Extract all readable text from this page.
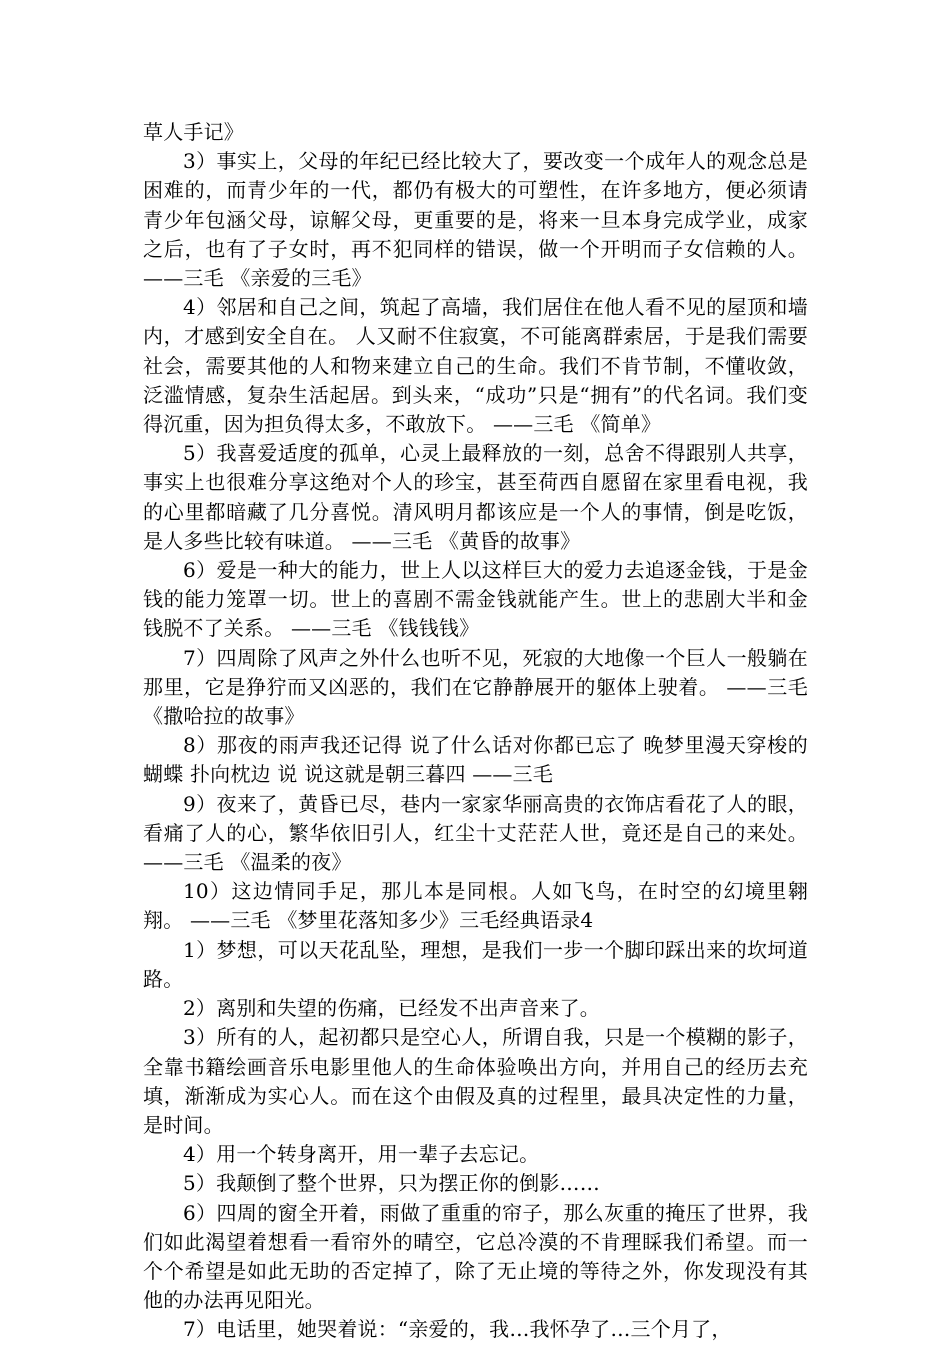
草人手记》

3）事实上，父母的年纪已经比较大了，要改变一个成年人的观念总是困难的，而青少年的一代，都仍有极大的可塑性，在许多地方，便必须请青少年包涵父母，谅解父母，更重要的是，将来一旦本身完成学业，成家之后，也有了子女时，再不犯同样的错误，做一个开明而子女信赖的人。 ——三毛 《亲爱的三毛》

4）邻居和自己之间，筑起了高墙，我们居住在他人看不见的屋顶和墙内，才感到安全自在。 人又耐不住寂寞，不可能离群索居，于是我们需要社会，需要其他的人和物来建立自己的生命。我们不肯节制，不懂收敛，泛滥情感，复杂生活起居。到头来，“成功”只是“拥有”的代名词。我们变得沉重，因为担负得太多，不敢放下。 ——三毛 《简单》

5）我喜爱适度的孤单，心灵上最释放的一刻，总舍不得跟别人共享，事实上也很难分享这绝对个人的珍宝，甚至荷西自愿留在家里看电视，我的心里都暗藏了几分喜悦。清风明月都该应是一个人的事情，倒是吃饭，是人多些比较有味道。 ——三毛 《黄昏的故事》

6）爱是一种大的能力，世上人以这样巨大的爱力去追逐金钱，于是金钱的能力笼罩一切。世上的喜剧不需金钱就能产生。世上的悲剧大半和金钱脱不了关系。 ——三毛 《钱钱钱》

7）四周除了风声之外什么也听不见，死寂的大地像一个巨人一般躺在那里，它是狰狞而又凶恶的，我们在它静静展开的躯体上驶着。 ——三毛 《撒哈拉的故事》

8）那夜的雨声我还记得 说了什么话对你都已忘了 晚梦里漫天穿梭的蝴蝶 扑向枕边 说 说这就是朝三暮四 ——三毛

9）夜来了，黄昏已尽，巷内一家家华丽高贵的衣饰店看花了人的眼，看痛了人的心，繁华依旧引人，红尘十丈茫茫人世，竟还是自己的来处。 ——三毛 《温柔的夜》

10）这边情同手足，那儿本是同根。人如飞鸟，在时空的幻境里翱翔。 ——三毛 《梦里花落知多少》三毛经典语录4

1）梦想，可以天花乱坠，理想，是我们一步一个脚印踩出来的坎坷道路。

2）离别和失望的伤痛，已经发不出声音来了。

3）所有的人，起初都只是空心人，所谓自我，只是一个模糊的影子，全靠书籍绘画音乐电影里他人的生命体验唤出方向，并用自己的经历去充填，渐渐成为实心人。而在这个由假及真的过程里，最具决定性的力量，是时间。

4）用一个转身离开，用一辈子去忘记。

5）我颠倒了整个世界，只为摆正你的倒影……

6）四周的窗全开着，雨做了重重的帘子，那么灰重的掩压了世界，我们如此渴望着想看一看帘外的晴空，它总冷漠的不肯理睬我们希望。而一个个希望是如此无助的否定掉了，除了无止境的等待之外，你发现没有其他的办法再见阳光。

7）电话里，她哭着说：“亲爱的，我…我怀孕了…三个月了，
